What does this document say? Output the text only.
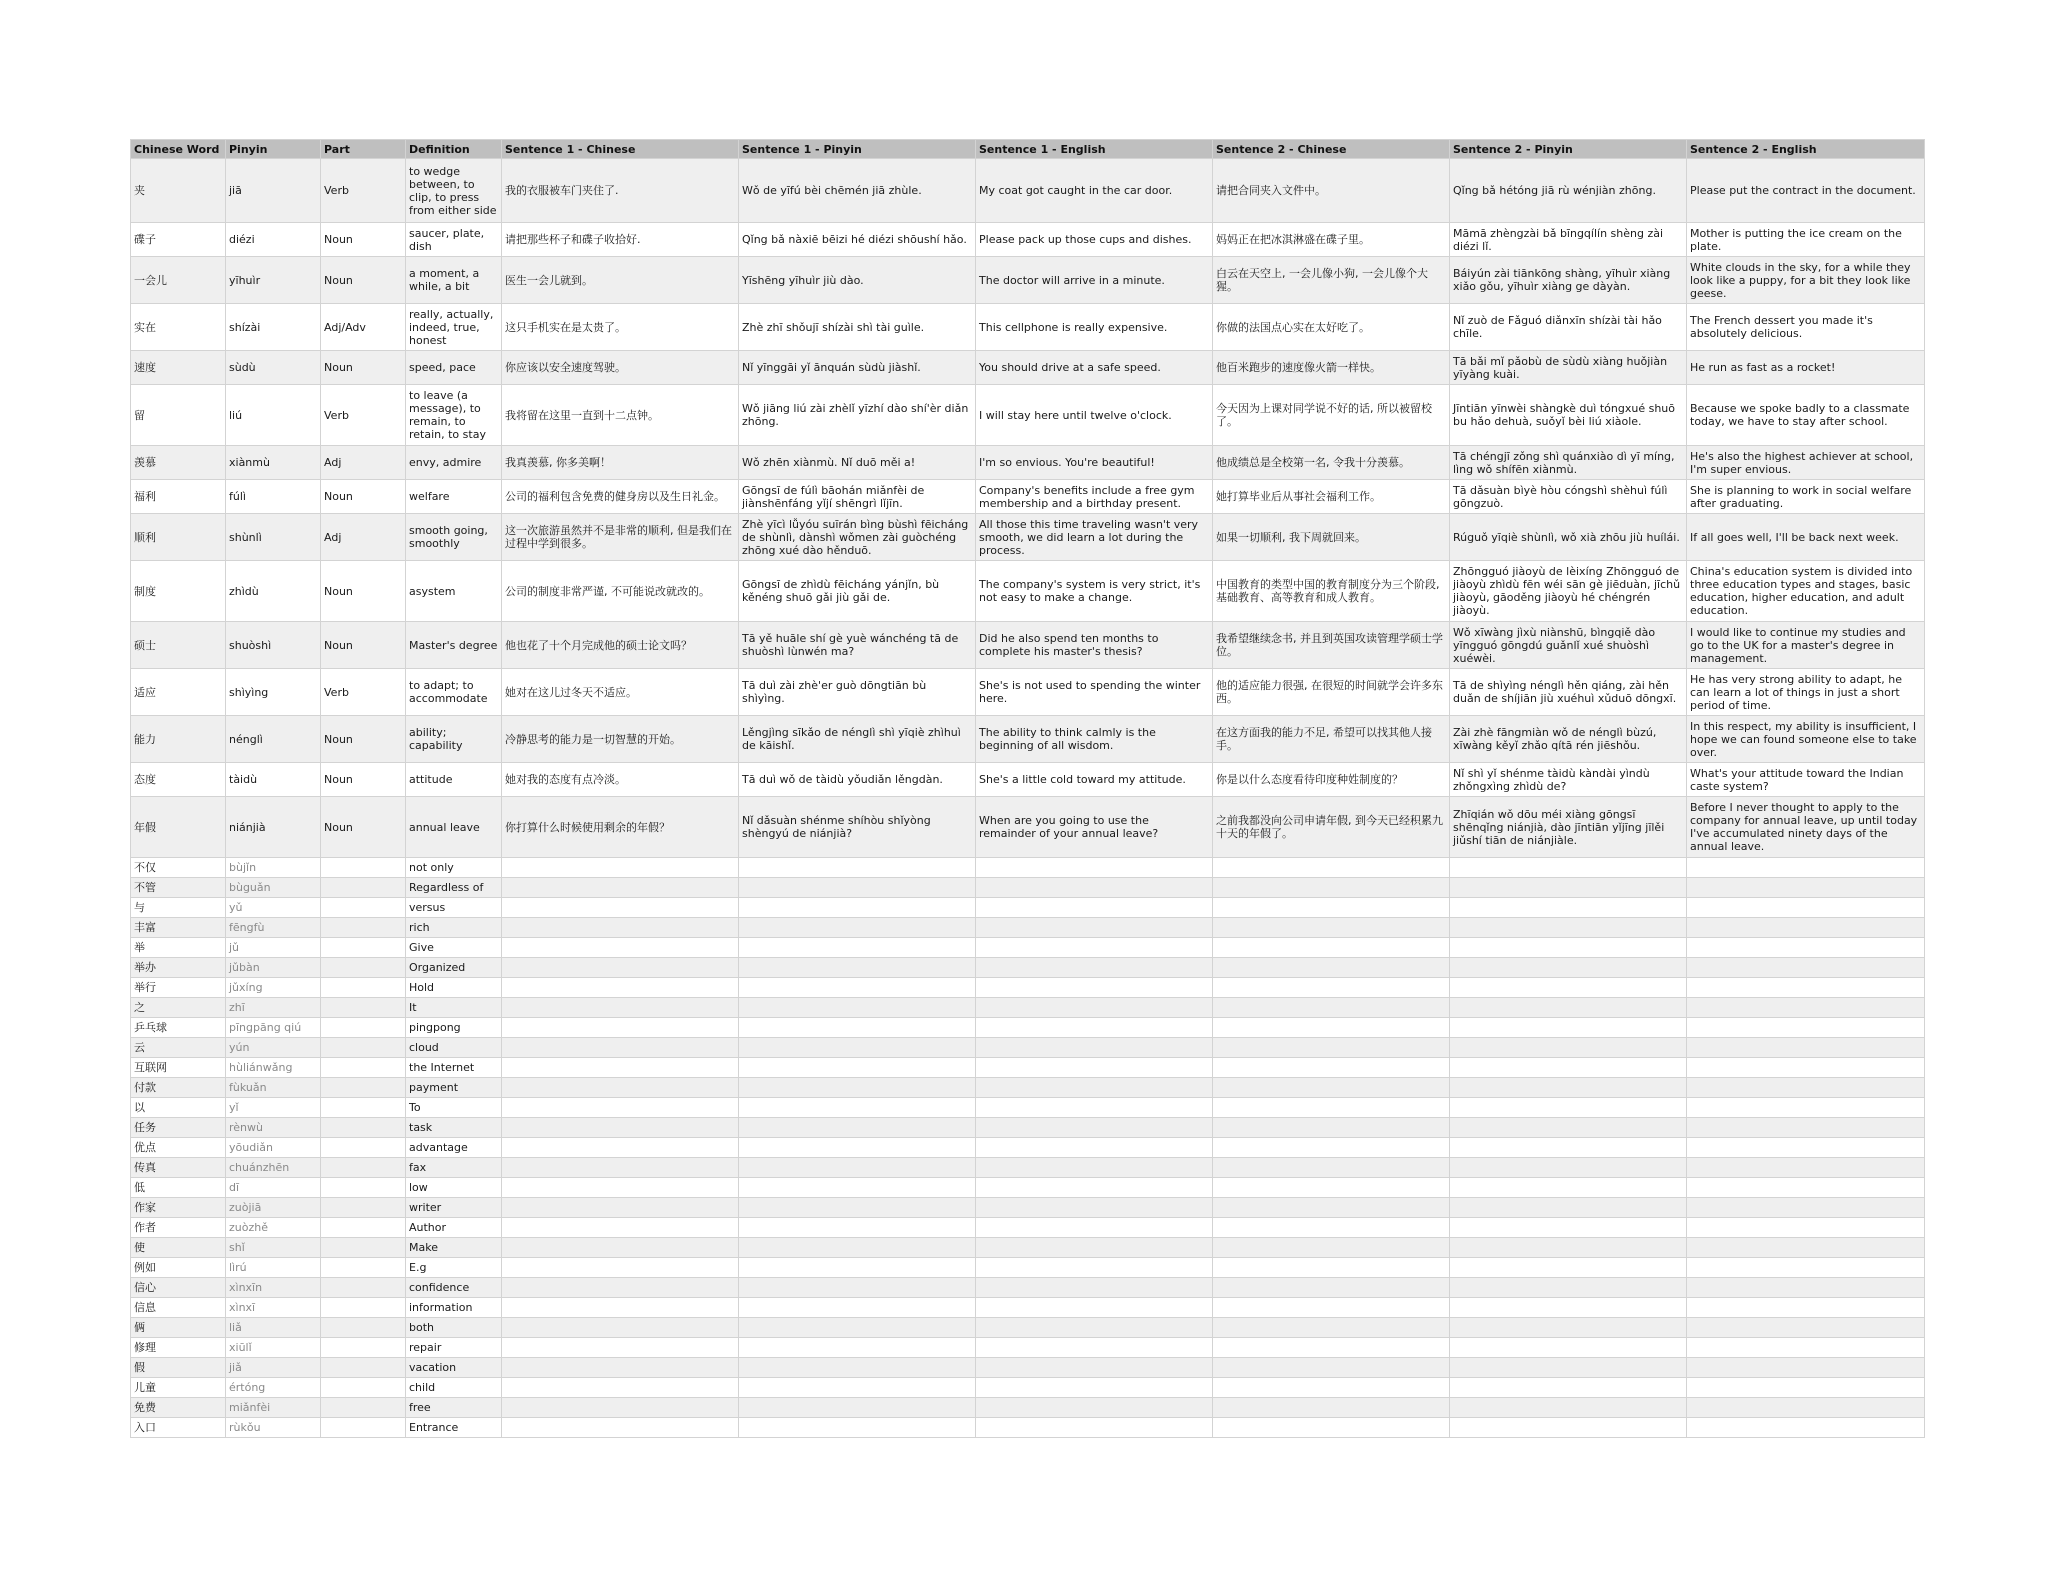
Chinese Word	Pinyin	Part	Definition	Sentence 1 - Chinese	Sentence 1 - Pinyin	Sentence 1 - English	Sentence 2 - Chinese	Sentence 2 - Pinyin	Sentence 2 - English
夹	jiā	Verb	to wedge between, to clip, to press from either side	我的衣服被车门夹住了.	Wǒ de yīfú bèi chēmén jiā zhùle.	My coat got caught in the car door.	请把合同夹入文件中。	Qǐng bǎ hétóng jiā rù wénjiàn zhōng.	Please put the contract in the document.
碟子	diézi	Noun	saucer, plate, dish	请把那些杯子和碟子收拾好.	Qǐng bǎ nàxiē bēizi hé diézi shōushí hǎo.	Please pack up those cups and dishes.	妈妈正在把冰淇淋盛在碟子里。	Māmā zhèngzài bǎ bīngqílín shèng zài diézi lǐ.	Mother is putting the ice cream on the plate.
一会儿	yīhuìr	Noun	a moment, a while, a bit	医生一会儿就到。	Yīshēng yīhuìr jiù dào.	The doctor will arrive in a minute.	白云在天空上, 一会儿像小狗, 一会儿像个大猩。	Báiyún zài tiānkōng shàng, yīhuìr xiàng xiǎo gǒu, yīhuìr xiàng ge dàyàn.	White clouds in the sky, for a while they look like a puppy, for a bit they look like geese.
实在	shízài	Adj/Adv	really, actually, indeed, true, honest	这只手机实在是太贵了。	Zhè zhī shǒujī shízài shì tài guìle.	This cellphone is really expensive.	你做的法国点心实在太好吃了。	Nǐ zuò de Fǎguó diǎnxīn shízài tài hǎo chīle.	The French dessert you made it's absolutely delicious.
速度	sùdù	Noun	speed, pace	你应该以安全速度驾驶。	Nǐ yīnggāi yǐ ānquán sùdù jiàshǐ.	You should drive at a safe speed.	他百米跑步的速度像火箭一样快。	Tā bǎi mǐ pǎobù de sùdù xiàng huǒjiàn yīyàng kuài.	He run as fast as a rocket!
留	liú	Verb	to leave (a message), to remain, to retain, to stay	我将留在这里一直到十二点钟。	Wǒ jiāng liú zài zhèlǐ yīzhí dào shí'èr diǎn zhōng.	I will stay here until twelve o'clock.	今天因为上课对同学说不好的话, 所以被留校了。	Jīntiān yīnwèi shàngkè duì tóngxué shuō bu hǎo dehuà, suǒyǐ bèi liú xiàole.	Because we spoke badly to a classmate today, we have to stay after school.
羡慕	xiànmù	Adj	envy, admire	我真羡慕, 你多美啊！	Wǒ zhēn xiànmù. Nǐ duō měi a!	I'm so envious. You're beautiful!	他成绩总是全校第一名, 令我十分羡慕。	Tā chéngjī zǒng shì quánxiào dì yī míng, lìng wǒ shífēn xiànmù.	He's also the highest achiever at school, I'm super envious.
福利	fúlì	Noun	welfare	公司的福利包含免费的健身房以及生日礼金。	Gōngsī de fúlì bāohán miǎnfèi de jiànshēnfáng yǐjí shēngrì lǐjīn.	Company's benefits include a free gym membership and a birthday present.	她打算毕业后从事社会福利工作。	Tā dǎsuàn bìyè hòu cóngshì shèhuì fúlì gōngzuò.	She is planning to work in social welfare after graduating.
顺利	shùnlì	Adj	smooth going, smoothly	这一次旅游虽然并不是非常的顺利, 但是我们在过程中学到很多。	Zhè yīcì lǚyóu suīrán bìng bùshì fēicháng de shùnlì, dànshì wǒmen zài guòchéng zhōng xué dào hěnduō.	All those this time traveling wasn't very smooth, we did learn a lot during the process.	如果一切顺利, 我下周就回来。	Rúguǒ yīqiè shùnlì, wǒ xià zhōu jiù huílái.	If all goes well, I'll be back next week.
制度	zhìdù	Noun	asystem	公司的制度非常严谨, 不可能说改就改的。	Gōngsī de zhìdù fēicháng yánjǐn, bù kěnéng shuō gǎi jiù gǎi de.	The company's system is very strict, it's not easy to make a change.	中国教育的类型中国的教育制度分为三个阶段, 基础教育、高等教育和成人教育。	Zhōngguó jiàoyù de lèixíng Zhōngguó de jiàoyù zhìdù fēn wéi sān gè jiēduàn, jīchǔ jiàoyù, gāoděng jiàoyù hé chéngrén jiàoyù.	China's education system is divided into three education types and stages, basic education, higher education, and adult education.
硕士	shuòshì	Noun	Master's degree	他也花了十个月完成他的硕士论文吗？	Tā yě huāle shí gè yuè wánchéng tā de shuòshì lùnwén ma?	Did he also spend ten months to complete his master's thesis?	我希望继续念书, 并且到英国攻读管理学硕士学位。	Wǒ xīwàng jìxù niànshū, bìngqiě dào yīngguó gōngdú guǎnlǐ xué shuòshì xuéwèi.	I would like to continue my studies and go to the UK for a master's degree in management.
适应	shìyìng	Verb	to adapt; to accommodate	她对在这儿过冬天不适应。	Tā duì zài zhè'er guò dōngtiān bù shìyìng.	She's is not used to spending the winter here.	他的适应能力很强, 在很短的时间就学会许多东西。	Tā de shìyìng nénglì hěn qiáng, zài hěn duǎn de shíjiān jiù xuéhuì xǔduō dōngxī.	He has very strong ability to adapt, he can learn a lot of things in just a short period of time.
能力	nénglì	Noun	ability; capability	冷静思考的能力是一切智慧的开始。	Lěngjìng sīkǎo de nénglì shì yīqiè zhìhuì de kāishǐ.	The ability to think calmly is the beginning of all wisdom.	在这方面我的能力不足, 希望可以找其他人接手。	Zài zhè fāngmiàn wǒ de nénglì bùzú, xīwàng kěyǐ zhǎo qítā rén jiēshǒu.	In this respect, my ability is insufficient, I hope we can found someone else to take over.
态度	tàidù	Noun	attitude	她对我的态度有点冷淡。	Tā duì wǒ de tàidù yǒudiǎn lěngdàn.	She's a little cold toward my attitude.	你是以什么态度看待印度种姓制度的？	Nǐ shì yǐ shénme tàidù kàndài yìndù zhǒngxìng zhìdù de?	What's your attitude toward the Indian caste system?
年假	niánjià	Noun	annual leave	你打算什么时候使用剩余的年假？	Nǐ dǎsuàn shénme shíhòu shǐyòng shèngyú de niánjià?	When are you going to use the remainder of your annual leave?	之前我都没向公司申请年假, 到今天已经积累九十天的年假了。	Zhīqián wǒ dōu méi xiàng gōngsī shēnqǐng niánjià, dào jīntiān yǐjīng jīlěi jiǔshí tiān de niánjiàle.	Before I never thought to apply to the company for annual leave, up until today I've accumulated ninety days of the annual leave.
不仅	bùjǐn		not only						
不管	bùguǎn		Regardless of						
与	yǔ		versus						
丰富	fēngfù		rich						
举	jǔ		Give						
举办	jǔbàn		Organized						
举行	jǔxíng		Hold						
之	zhī		It						
乒乓球	pīngpāng qiú		pingpong						
云	yún		cloud						
互联网	hùliánwǎng		the Internet						
付款	fùkuǎn		payment						
以	yǐ		To						
任务	rènwù		task						
优点	yōudiǎn		advantage						
传真	chuánzhēn		fax						
低	dī		low						
作家	zuòjiā		writer						
作者	zuòzhě		Author						
使	shǐ		Make						
例如	lìrú		E.g						
信心	xìnxīn		confidence						
信息	xìnxī		information						
俩	liǎ		both						
修理	xiūlǐ		repair						
假	jiǎ		vacation						
儿童	értóng		child						
免费	miǎnfèi		free						
入口	rùkǒu		Entrance						
